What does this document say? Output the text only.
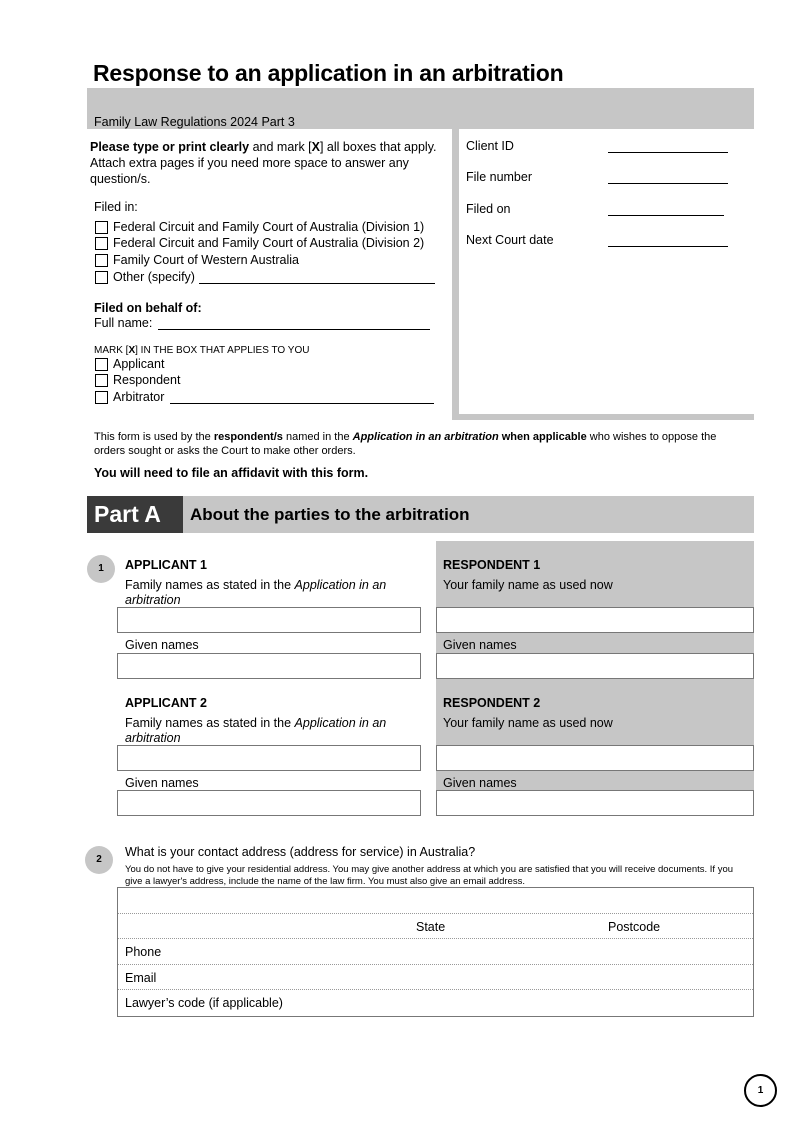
Response to an application in an arbitration
Family Law Regulations 2024 Part 3
Please type or print clearly and mark [X] all boxes that apply. Attach extra pages if you need more space to answer any question/s.
Client ID
File number
Filed on
Next Court date
Filed in:
Federal Circuit and Family Court of Australia (Division 1)
Federal Circuit and Family Court of Australia (Division 2)
Family Court of Western Australia
Other (specify)
Filed on behalf of:
Full name:
MARK [X] IN THE BOX THAT APPLIES TO YOU
Applicant
Respondent
Arbitrator
This form is used by the respondent/s named in the Application in an arbitration when applicable who wishes to oppose the orders sought or asks the Court to make other orders.
You will need to file an affidavit with this form.
Part A	About the parties to the arbitration
1	APPLICANT 1
Family names as stated in the Application in an arbitration
Given names
RESPONDENT 1
Your family name as used now
Given names
APPLICANT 2
Family names as stated in the Application in an arbitration
Given names
RESPONDENT 2
Your family name as used now
Given names
2
What is your contact address (address for service) in Australia?
You do not have to give your residential address. You may give another address at which you are satisfied that you will receive documents. If you give a lawyer's address, include the name of the law firm. You must also give an email address.
State	Postcode
Phone
Email
Lawyer’s code (if applicable)
1
